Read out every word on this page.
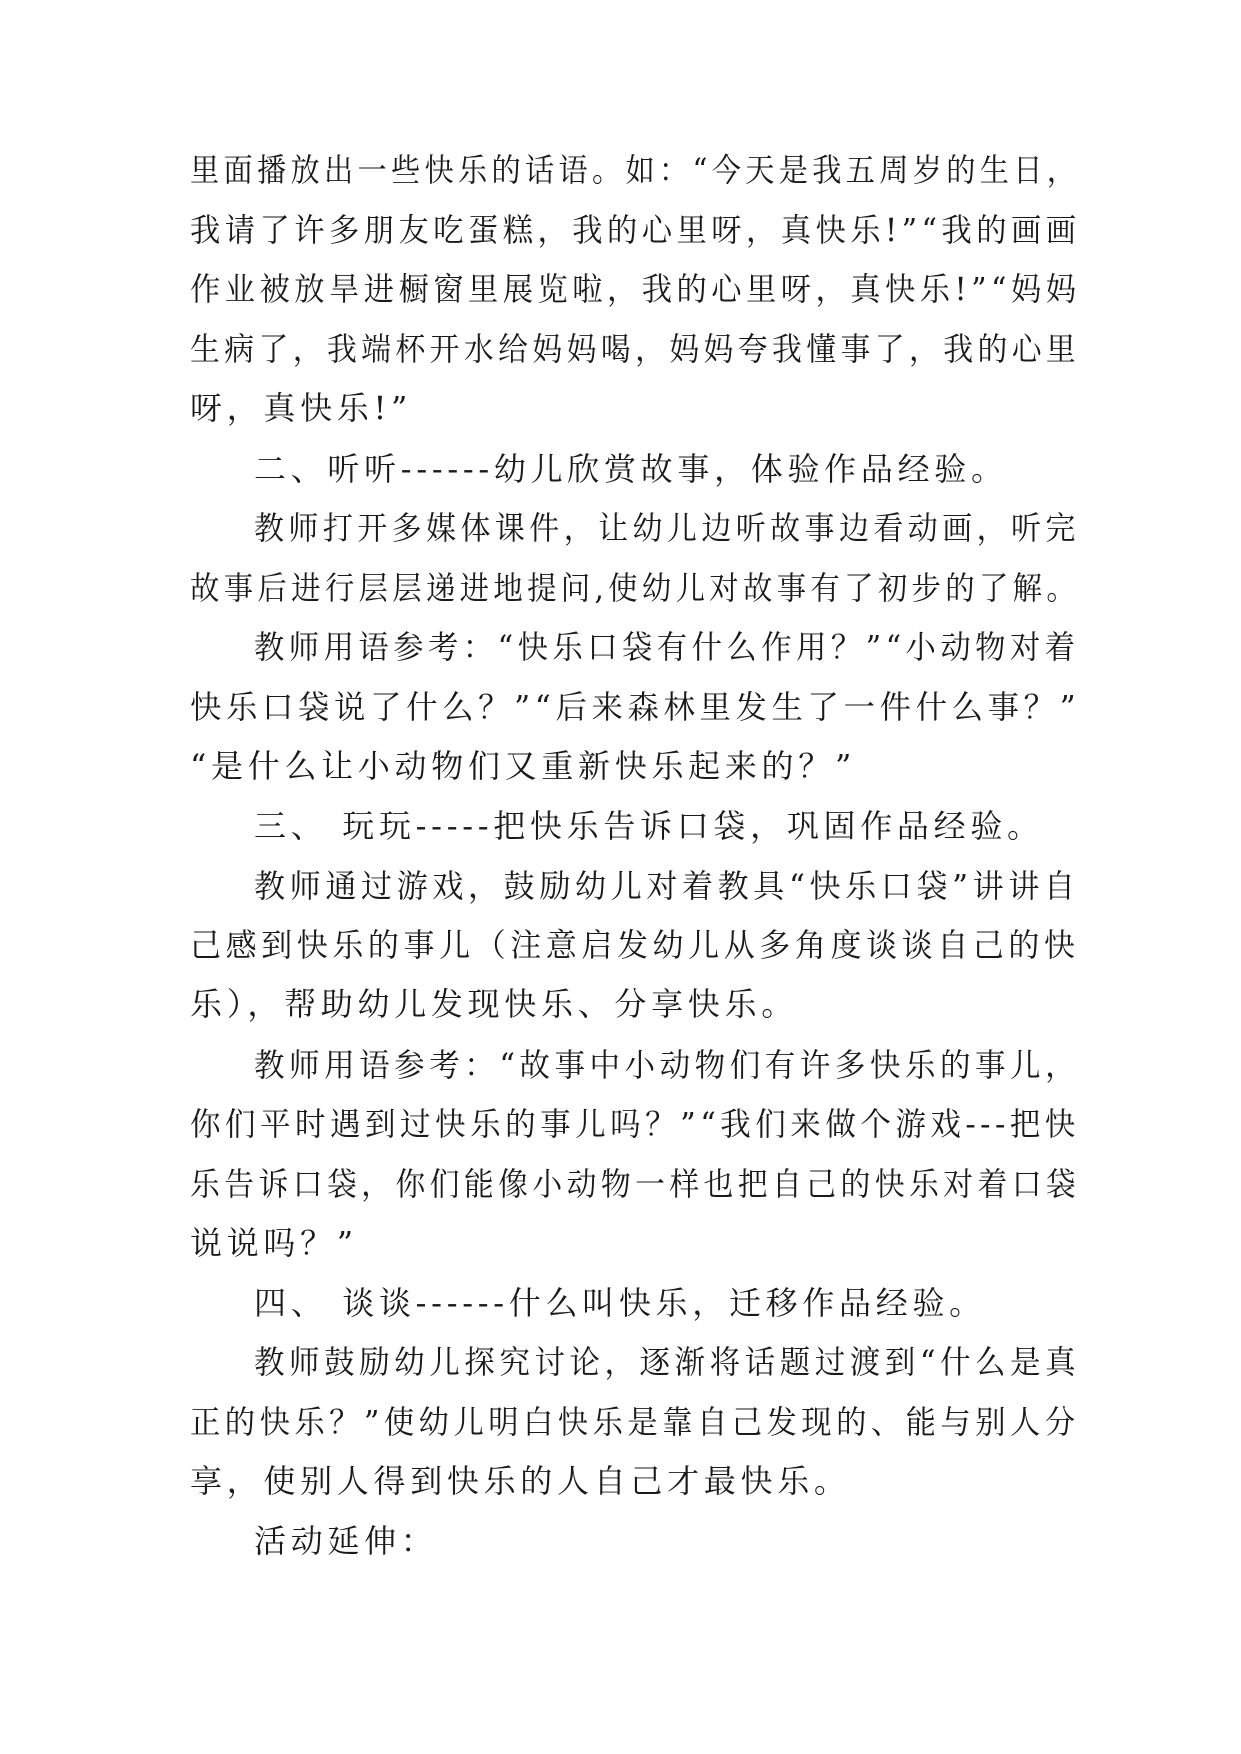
里面播放出一些快乐的话语。如：“今天是我五周岁的生日，
我请了许多朋友吃蛋糕，我的心里呀，真快乐!”“我的画画
作业被放旱进橱窗里展览啦，我的心里呀，真快乐!”“妈妈
生病了，我端杯开水给妈妈喝，妈妈夸我懂事了，我的心里
呀，真快乐!”
二、听听------幼儿欣赏故事，体验作品经验。
教师打开多媒体课件，让幼儿边听故事边看动画，听完
故事后进行层层递进地提问,使幼儿对故事有了初步的了解。
教师用语参考：“快乐口袋有什么作用？”“小动物对着
快乐口袋说了什么？”“后来森林里发生了一件什么事？”
“是什么让小动物们又重新快乐起来的？”
三、 玩玩-----把快乐告诉口袋，巩固作品经验。
教师通过游戏，鼓励幼儿对着教具“快乐口袋”讲讲自
己感到快乐的事儿（注意启发幼儿从多角度谈谈自己的快
乐），帮助幼儿发现快乐、分享快乐。
教师用语参考：“故事中小动物们有许多快乐的事儿，
你们平时遇到过快乐的事儿吗？”“我们来做个游戏---把快
乐告诉口袋，你们能像小动物一样也把自己的快乐对着口袋
说说吗？”
四、 谈谈------什么叫快乐，迁移作品经验。
教师鼓励幼儿探究讨论，逐渐将话题过渡到“什么是真
正的快乐？”使幼儿明白快乐是靠自己发现的、能与别人分
享，使别人得到快乐的人自己才最快乐。
活动延伸：
